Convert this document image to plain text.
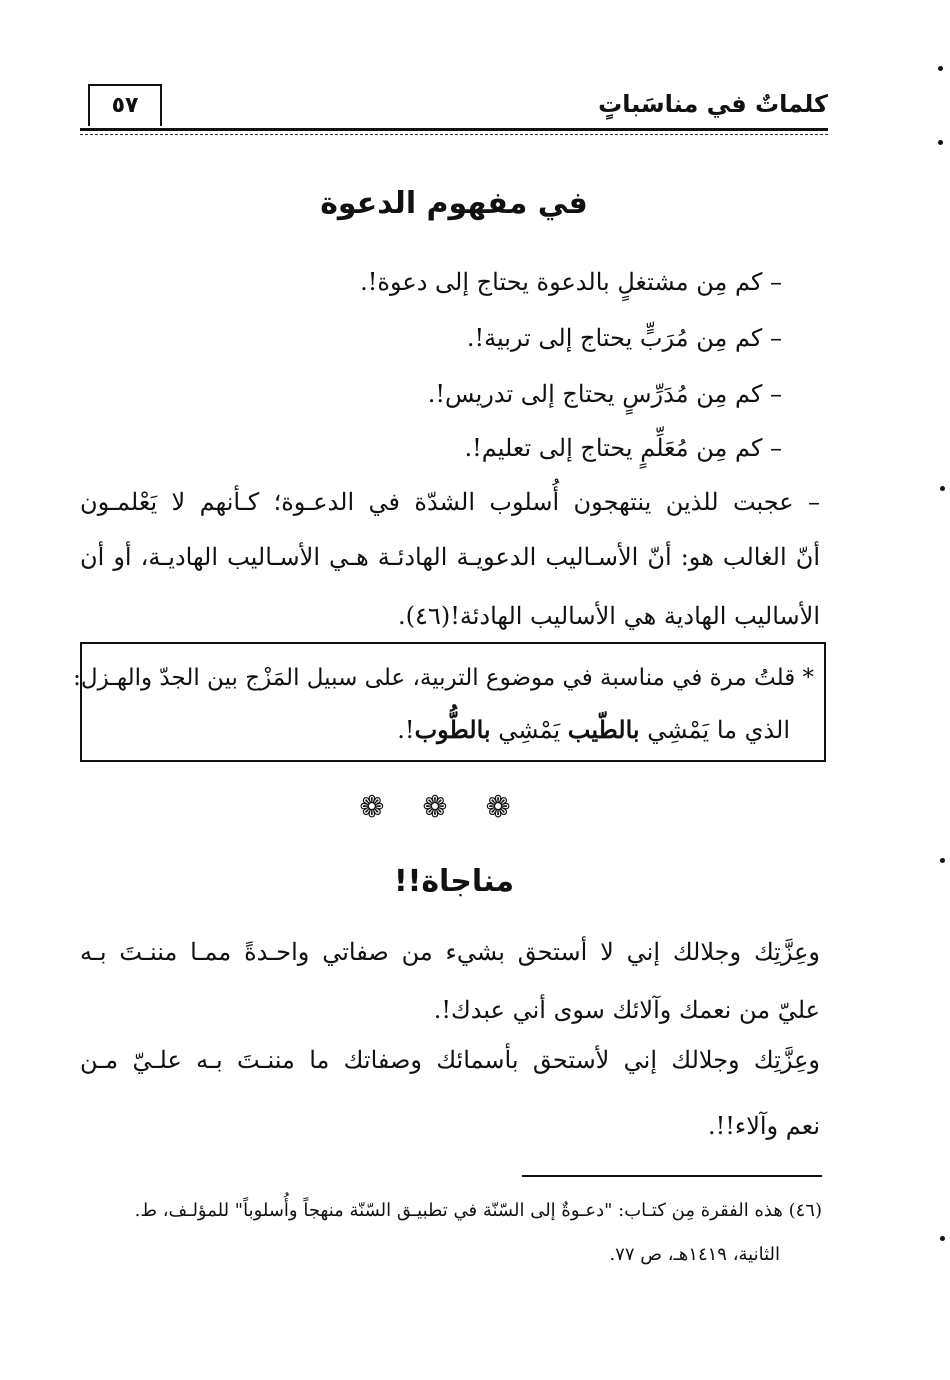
كلماتٌ في مناسَباتٍ
٥٧
في مفهوم الدعوة
– كم مِن مشتغلٍ بالدعوة يحتاج إلى دعوة!.
– كم مِن مُرَبٍّ يحتاج إلى تربية!.
– كم مِن مُدَرِّسٍ يحتاج إلى تدريس!.
– كم مِن مُعَلِّمٍ يحتاج إلى تعليم!.
– عجبت للذين ينتهجون أُسلوب الشدّة في الدعـوة؛ كـأنهم لا يَعْلمـون
أنّ الغالب هو: أنّ الأسـاليب الدعويـة الهادئـة هـي الأسـاليب الهاديـة، أو أن
الأساليب الهادية هي الأساليب الهادئة!(٤٦).
* قلتُ مرة في مناسبة في موضوع التربية، على سبيل المَزْج بين الجدّ والهـزل:
الذي ما يَمْشِي بالطّيب يَمْشِي بالطُّوب!.
❁❁❁
مناجاة!!
وعِزَّتِك وجلالك إني لا أستحق بشيء من صفاتي واحـدةً ممـا مننـتَ بـه
عليّ من نعمك وآلائك سوى أني عبدك!.
وعِزَّتِك وجلالك إني لأستحق بأسمائك وصفاتك ما مننـتَ بـه علـيّ مـن
نعم وآلاء!!.
(٤٦) هذه الفقرة مِن كتـاب: "دعـوةٌ إلى السّنّة في تطبيـق السّنّة منهجاً وأُسلوباً" للمؤلـف، ط.
الثانية، ١٤١٩هـ، ص ٧٧.
